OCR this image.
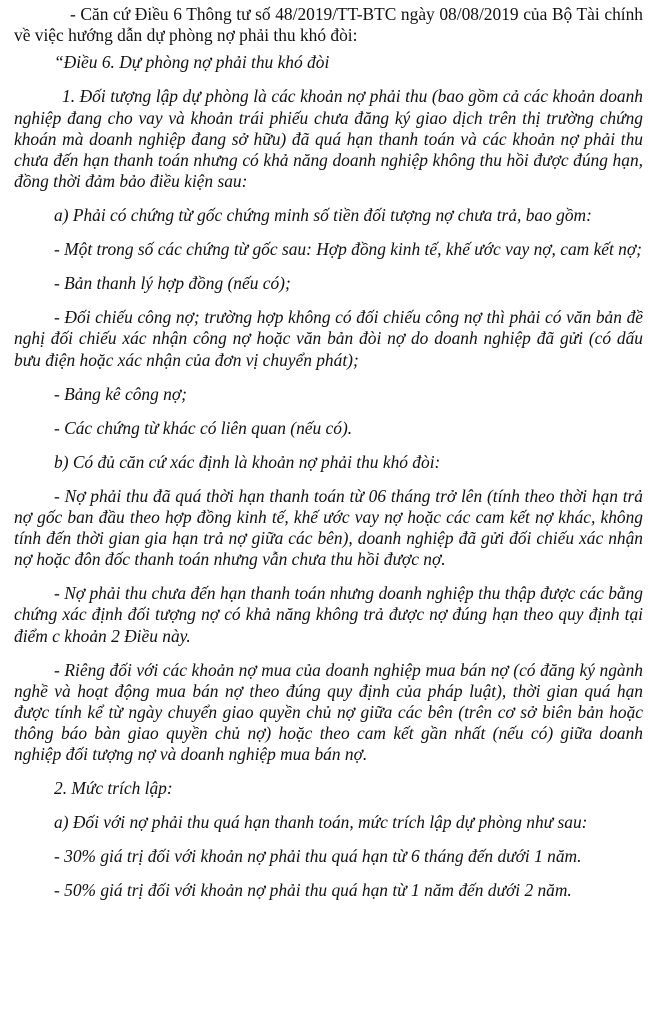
- Căn cứ Điều 6 Thông tư số 48/2019/TT-BTC ngày 08/08/2019 của Bộ Tài chính về việc hướng dẫn dự phòng nợ phải thu khó đòi:

“Điều 6. Dự phòng nợ phải thu khó đòi

1. Đối tượng lập dự phòng là các khoản nợ phải thu (bao gồm cả các khoản doanh nghiệp đang cho vay và khoản trái phiếu chưa đăng ký giao dịch trên thị trường chứng khoán mà doanh nghiệp đang sở hữu) đã quá hạn thanh toán và các khoản nợ phải thu chưa đến hạn thanh toán nhưng có khả năng doanh nghiệp không thu hồi được đúng hạn, đồng thời đảm bảo điều kiện sau:

a) Phải có chứng từ gốc chứng minh số tiền đối tượng nợ chưa trả, bao gồm:

- Một trong số các chứng từ gốc sau: Hợp đồng kinh tế, khế ước vay nợ, cam kết nợ;

- Bản thanh lý hợp đồng (nếu có);

- Đối chiếu công nợ; trường hợp không có đối chiếu công nợ thì phải có văn bản đề nghị đối chiếu xác nhận công nợ hoặc văn bản đòi nợ do doanh nghiệp đã gửi (có dấu bưu điện hoặc xác nhận của đơn vị chuyển phát);

- Bảng kê công nợ;

- Các chứng từ khác có liên quan (nếu có).

b) Có đủ căn cứ xác định là khoản nợ phải thu khó đòi:

- Nợ phải thu đã quá thời hạn thanh toán từ 06 tháng trở lên (tính theo thời hạn trả nợ gốc ban đầu theo hợp đồng kinh tế, khế ước vay nợ hoặc các cam kết nợ khác, không tính đến thời gian gia hạn trả nợ giữa các bên), doanh nghiệp đã gửi đối chiếu xác nhận nợ hoặc đôn đốc thanh toán nhưng vẫn chưa thu hồi được nợ.

- Nợ phải thu chưa đến hạn thanh toán nhưng doanh nghiệp thu thập được các bằng chứng xác định đối tượng nợ có khả năng không trả được nợ đúng hạn theo quy định tại điểm c khoản 2 Điều này.

- Riêng đối với các khoản nợ mua của doanh nghiệp mua bán nợ (có đăng ký ngành nghề và hoạt động mua bán nợ theo đúng quy định của pháp luật), thời gian quá hạn được tính kể từ ngày chuyển giao quyền chủ nợ giữa các bên (trên cơ sở biên bản hoặc thông báo bàn giao quyền chủ nợ) hoặc theo cam kết gần nhất (nếu có) giữa doanh nghiệp đối tượng nợ và doanh nghiệp mua bán nợ.

2. Mức trích lập:

a) Đối với nợ phải thu quá hạn thanh toán, mức trích lập dự phòng như sau:

- 30% giá trị đối với khoản nợ phải thu quá hạn từ 6 tháng đến dưới 1 năm.

- 50% giá trị đối với khoản nợ phải thu quá hạn từ 1 năm đến dưới 2 năm.
